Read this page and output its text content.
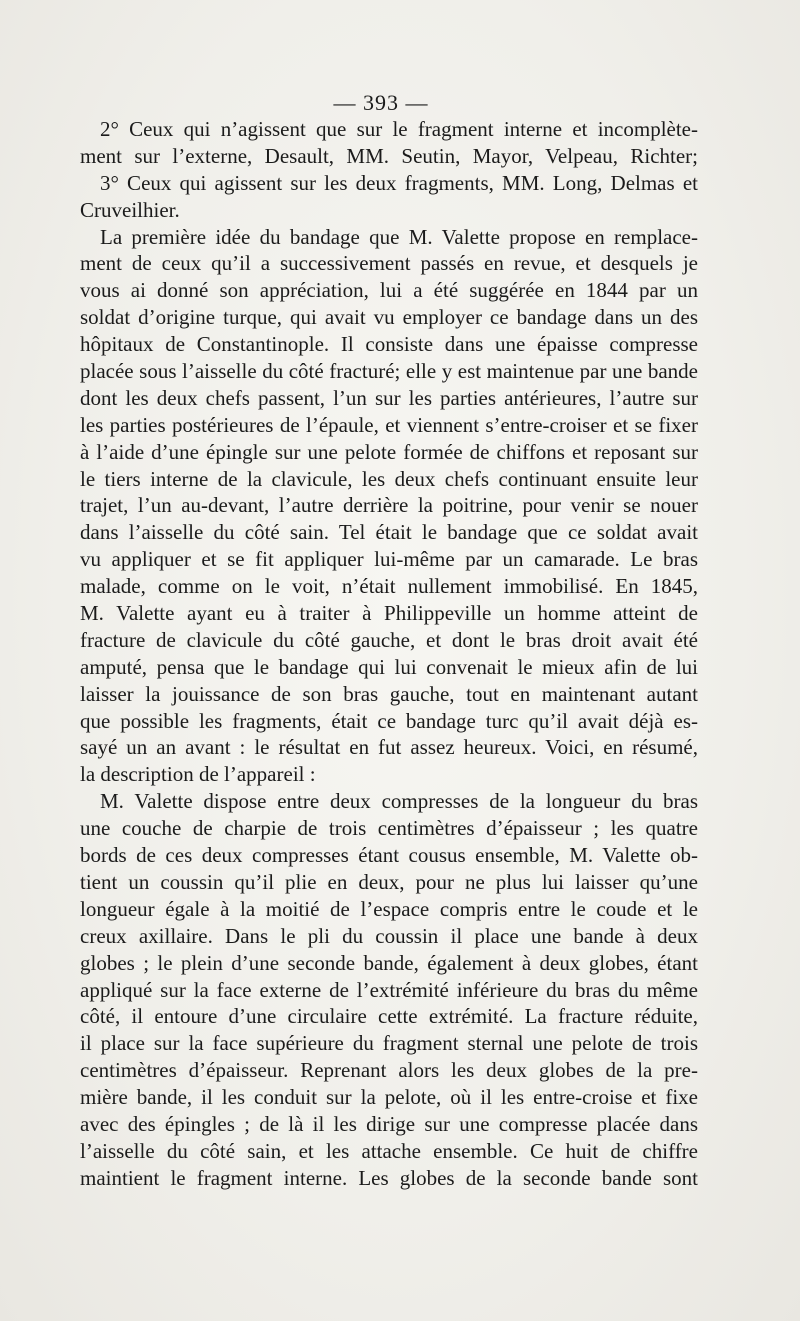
— 393 —
2° Ceux qui n’agissent que sur le fragment interne et incomplète-
ment sur l’externe, Desault, MM. Seutin, Mayor, Velpeau, Richter;
3° Ceux qui agissent sur les deux fragments, MM. Long, Delmas et
Cruveilhier.
La première idée du bandage que M. Valette propose en remplace-
ment de ceux qu’il a successivement passés en revue, et desquels je
vous ai donné son appréciation, lui a été suggérée en 1844 par un
soldat d’origine turque, qui avait vu employer ce bandage dans un des
hôpitaux de Constantinople. Il consiste dans une épaisse compresse
placée sous l’aisselle du côté fracturé; elle y est maintenue par une bande
dont les deux chefs passent, l’un sur les parties antérieures, l’autre sur
les parties postérieures de l’épaule, et viennent s’entre-croiser et se fixer
à l’aide d’une épingle sur une pelote formée de chiffons et reposant sur
le tiers interne de la clavicule, les deux chefs continuant ensuite leur
trajet, l’un au-devant, l’autre derrière la poitrine, pour venir se nouer
dans l’aisselle du côté sain. Tel était le bandage que ce soldat avait
vu appliquer et se fit appliquer lui-même par un camarade. Le bras
malade, comme on le voit, n’était nullement immobilisé. En 1845,
M. Valette ayant eu à traiter à Philippeville un homme atteint de
fracture de clavicule du côté gauche, et dont le bras droit avait été
amputé, pensa que le bandage qui lui convenait le mieux afin de lui
laisser la jouissance de son bras gauche, tout en maintenant autant
que possible les fragments, était ce bandage turc qu’il avait déjà es-
sayé un an avant : le résultat en fut assez heureux. Voici, en résumé,
la description de l’appareil :
M. Valette dispose entre deux compresses de la longueur du bras
une couche de charpie de trois centimètres d’épaisseur ; les quatre
bords de ces deux compresses étant cousus ensemble, M. Valette ob-
tient un coussin qu’il plie en deux, pour ne plus lui laisser qu’une
longueur égale à la moitié de l’espace compris entre le coude et le
creux axillaire. Dans le pli du coussin il place une bande à deux
globes ; le plein d’une seconde bande, également à deux globes, étant
appliqué sur la face externe de l’extrémité inférieure du bras du même
côté, il entoure d’une circulaire cette extrémité. La fracture réduite,
il place sur la face supérieure du fragment sternal une pelote de trois
centimètres d’épaisseur. Reprenant alors les deux globes de la pre-
mière bande, il les conduit sur la pelote, où il les entre-croise et fixe
avec des épingles ; de là il les dirige sur une compresse placée dans
l’aisselle du côté sain, et les attache ensemble. Ce huit de chiffre
maintient le fragment interne. Les globes de la seconde bande sont
